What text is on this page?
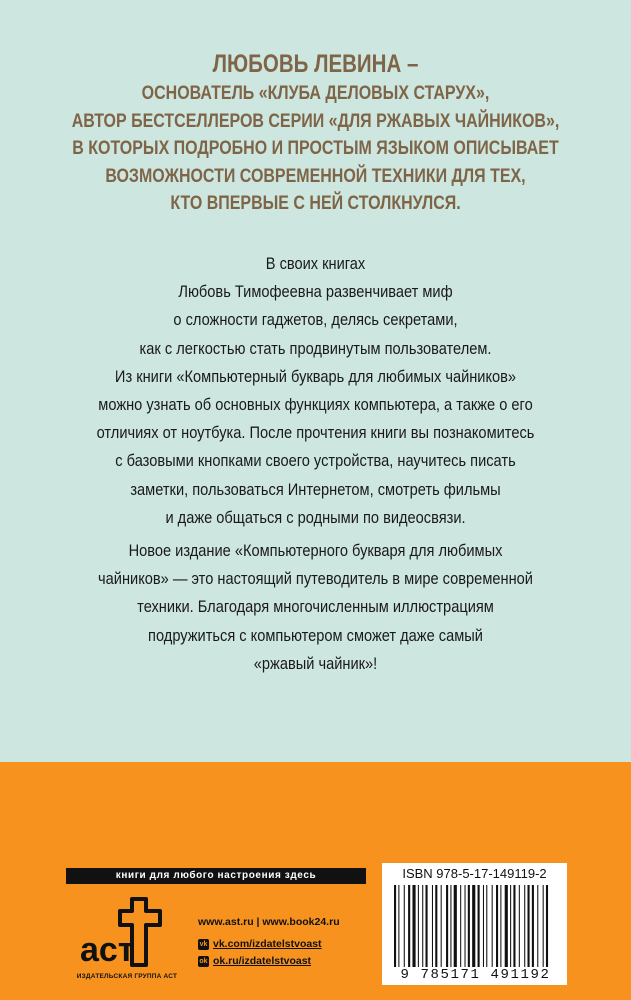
ЛЮБОВЬ ЛЕВИНА –
ОСНОВАТЕЛЬ «КЛУБА ДЕЛОВЫХ СТАРУХ»,
АВТОР БЕСТСЕЛЛЕРОВ СЕРИИ «ДЛЯ РЖАВЫХ ЧАЙНИКОВ»,
В КОТОРЫХ ПОДРОБНО И ПРОСТЫМ ЯЗЫКОМ ОПИСЫВАЕТ
ВОЗМОЖНОСТИ СОВРЕМЕННОЙ ТЕХНИКИ ДЛЯ ТЕХ,
КТО ВПЕРВЫЕ С НЕЙ СТОЛКНУЛСЯ.
В своих книгах
Любовь Тимофеевна развенчивает миф
о сложности гаджетов, делясь секретами,
как с легкостью стать продвинутым пользователем.
Из книги «Компьютерный букварь для любимых чайников»
можно узнать об основных функциях компьютера, а также о его
отличиях от ноутбука. После прочтения книги вы познакомитесь
с базовыми кнопками своего устройства, научитесь писать
заметки, пользоваться Интернетом, смотреть фильмы
и даже общаться с родными по видеосвязи.
Новое издание «Компьютерного букваря для любимых
чайников» — это настоящий путеводитель в мире современной
техники. Благодаря многочисленным иллюстрациям
подружиться с компьютером сможет даже самый
«ржавый чайник»!
книги для любого настроения здесь
аст
ИЗДАТЕЛЬСКАЯ ГРУППА АСТ
www.ast.ru | www.book24.ru
vk vk.com/izdatelstvoast
ok ok.ru/izdatelstvoast
ISBN 978-5-17-149119-2
9 785171 491192
